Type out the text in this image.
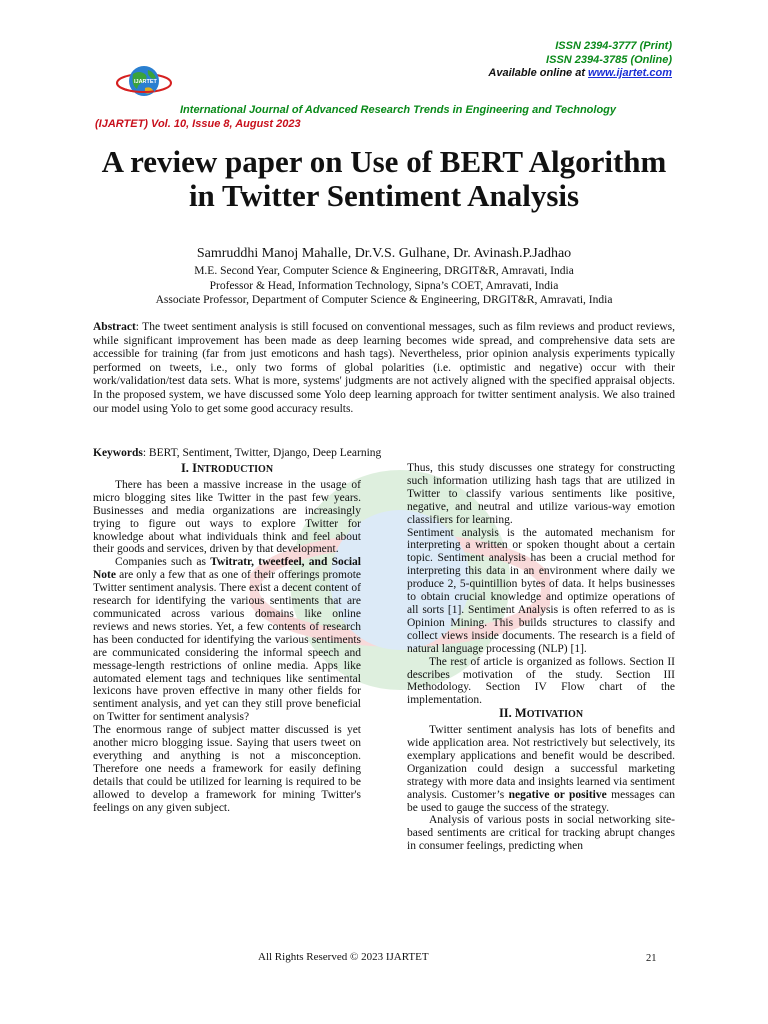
IJARTET
ISSN 2394-3777 (Print)
ISSN 2394-3785 (Online)
Available online at www.ijartet.com
International Journal of Advanced Research Trends in Engineering and Technology
(IJARTET) Vol. 10, Issue 8, August 2023
A review paper on Use of BERT Algorithm
in Twitter Sentiment Analysis
Samruddhi Manoj Mahalle, Dr.V.S. Gulhane, Dr. Avinash.P.Jadhao
M.E. Second Year, Computer Science & Engineering, DRGIT&R, Amravati, India
Professor & Head, Information Technology, Sipna’s COET, Amravati, India
Associate Professor, Department of Computer Science & Engineering, DRGIT&R, Amravati, India
Abstract: The tweet sentiment analysis is still focused on conventional messages, such as film reviews and product reviews, while significant improvement has been made as deep learning becomes wide spread, and comprehensive data sets are accessible for training (far from just emoticons and hash tags). Nevertheless, prior opinion analysis experiments typically performed on tweets, i.e., only two forms of global polarities (i.e. optimistic and negative) occur with their work/validation/test data sets. What is more, systems' judgments are not actively aligned with the specified appraisal objects. In the proposed system, we have discussed some Yolo deep learning approach for twitter sentiment analysis. We also trained our model using Yolo to get some good accuracy results.
Keywords: BERT, Sentiment, Twitter, Django, Deep Learning
I. INTRODUCTION

There has been a massive increase in the usage of micro blogging sites like Twitter in the past few years. Businesses and media organizations are increasingly trying to figure out ways to explore Twitter for knowledge about what individuals think and feel about their goods and services, driven by that development.

Companies such as Twitratr, tweetfeel, and Social Note are only a few that as one of their offerings promote Twitter sentiment analysis. There exist a decent content of research for identifying the various sentiments that are communicated across various domains like online reviews and news stories. Yet, a few contents of research has been conducted for identifying the various sentiments are communicated considering the informal speech and message-length restrictions of online media. Apps like automated element tags and techniques like sentimental lexicons have proven effective in many other fields for sentiment analysis, and yet can they still prove beneficial on Twitter for sentiment analysis?

The enormous range of subject matter discussed is yet another micro blogging issue. Saying that users tweet on everything and anything is not a misconception. Therefore one needs a framework for easily defining details that could be utilized for learning is required to be allowed to develop a framework for mining Twitter's feelings on any given subject.

Thus, this study discusses one strategy for constructing such information utilizing hash tags that are utilized in Twitter to classify various sentiments like positive, negative, and neutral and utilize various-way emotion classifiers for learning.

Sentiment analysis is the automated mechanism for interpreting a written or spoken thought about a certain topic. Sentiment analysis has been a crucial method for interpreting this data in an environment where daily we produce 2, 5-quintillion bytes of data. It helps businesses to obtain crucial knowledge and optimize operations of all sorts [1]. Sentiment Analysis is often referred to as is Opinion Mining. This builds structures to classify and collect views inside documents. The research is a field of natural language processing (NLP) [1].

The rest of article is organized as follows. Section II describes motivation of the study. Section III Methodology. Section IV Flow chart of the implementation.

II. MOTIVATION

Twitter sentiment analysis has lots of benefits and wide application area. Not restrictively but selectively, its exemplary applications and benefit would be described. Organization could design a successful marketing strategy with more data and insights learned via sentiment analysis. Customer’s negative or positive messages can be used to gauge the success of the strategy.

Analysis of various posts in social networking site-based sentiments are critical for tracking abrupt changes in consumer feelings, predicting when

All Rights Reserved © 2023 IJARTET	21
